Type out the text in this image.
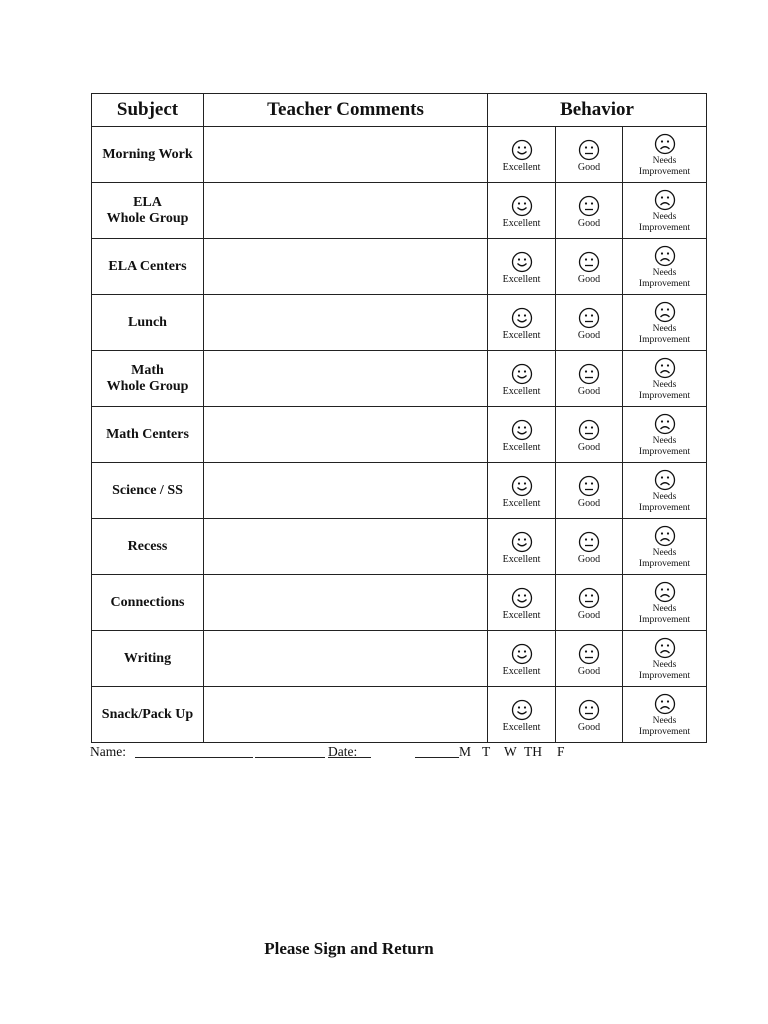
Subject	Teacher Comments	Behavior		
Morning Work		Excellent	Good	Needs
Improvement

ELA
Whole Group		Excellent	Good	Needs
Improvement

ELA Centers		Excellent	Good	Needs
Improvement

Lunch		Excellent	Good	Needs
Improvement

Math
Whole Group		Excellent	Good	Needs
Improvement

Math Centers		Excellent	Good	Needs
Improvement

Science / SS		Excellent	Good	Needs
Improvement

Recess		Excellent	Good	Needs
Improvement

Connections		Excellent	Good	Needs
Improvement

Writing		Excellent	Good	Needs
Improvement

Snack/Pack Up		Excellent	Good	Needs
Improvement
Name:	Date:	M T W TH F
Please Sign and Return
